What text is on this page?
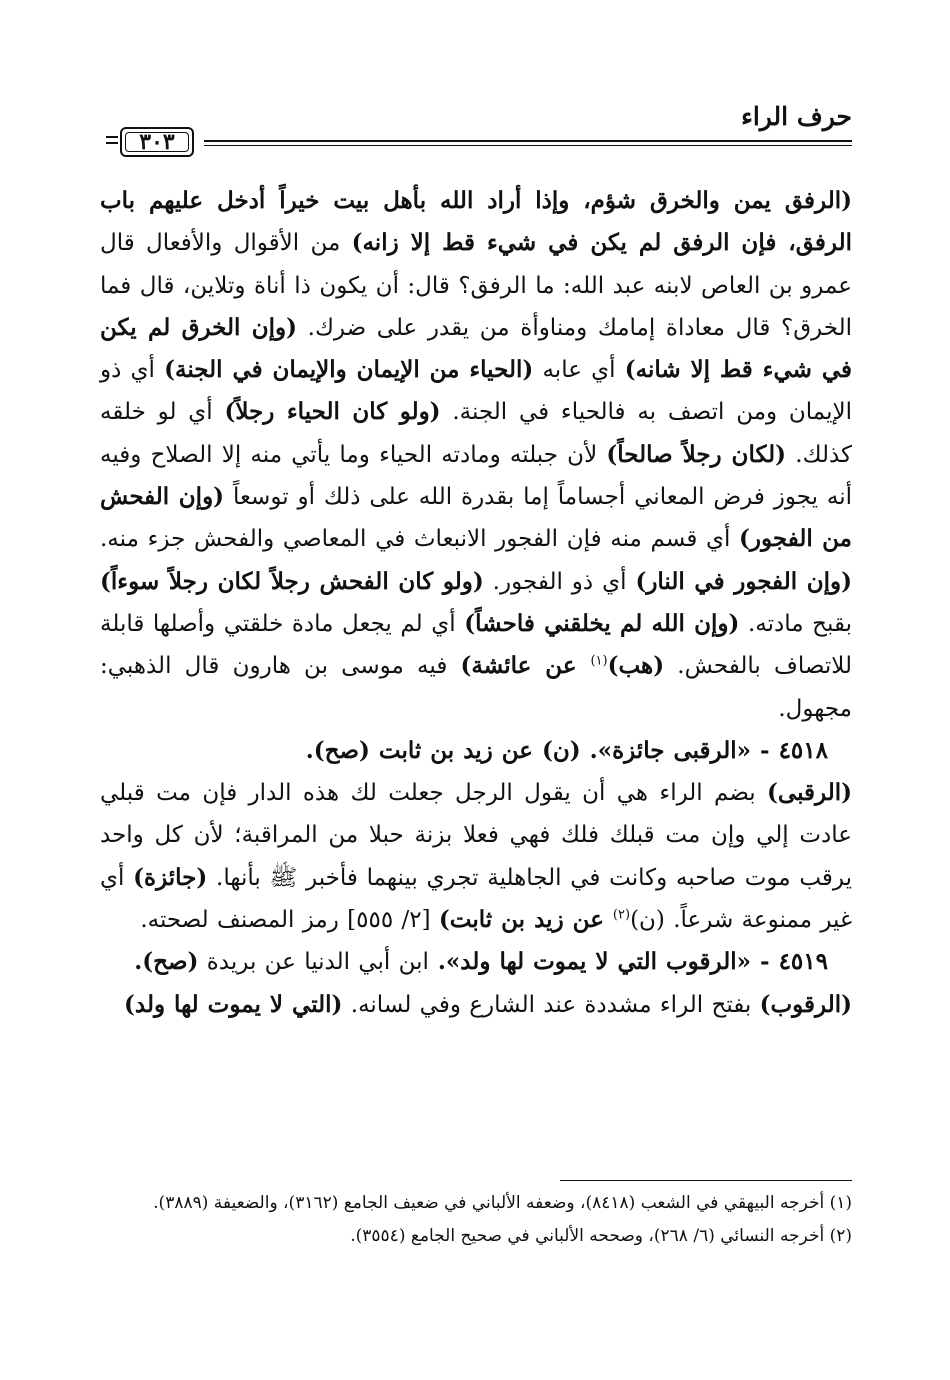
حرف الراء
٣٠٣

(الرفق يمن والخرق شؤم، وإذا أراد الله بأهل بيت خيراً أدخل عليهم باب الرفق، فإن الرفق لم يكن في شيء قط إلا زانه) من الأقوال والأفعال قال عمرو بن العاص لابنه عبد الله: ما الرفق؟ قال: أن يكون ذا أناة وتلاين، قال فما الخرق؟ قال معاداة إمامك ومناوأة من يقدر على ضرك. (وإن الخرق لم يكن في شيء قط إلا شانه) أي عابه (الحياء من الإيمان والإيمان في الجنة) أي ذو الإيمان ومن اتصف به فالحياء في الجنة. (ولو كان الحياء رجلاً) أي لو خلقه كذلك. (لكان رجلاً صالحاً) لأن جبلته ومادته الحياء وما يأتي منه إلا الصلاح وفيه أنه يجوز فرض المعاني أجساماً إما بقدرة الله على ذلك أو توسعاً (وإن الفحش من الفجور) أي قسم منه فإن الفجور الانبعاث في المعاصي والفحش جزء منه. (وإن الفجور في النار) أي ذو الفجور. (ولو كان الفحش رجلاً لكان رجلاً سوءاً) بقبح مادته. (وإن الله لم يخلقني فاحشاً) أي لم يجعل مادة خلقتي وأصلها قابلة للاتصاف بالفحش. (هب)$^{(١)}$ عن عائشة) فيه موسى بن هارون قال الذهبي: مجهول.

٤٥١٨ - «الرقبى جائزة». (ن) عن زيد بن ثابت (صح).

(الرقبى) بضم الراء هي أن يقول الرجل جعلت لك هذه الدار فإن مت قبلي عادت إلي وإن مت قبلك فلك فهي فعلا بزنة حبلا من المراقبة؛ لأن كل واحد يرقب موت صاحبه وكانت في الجاهلية تجري بينهما فأخبر ﷺ بأنها. (جائزة) أي غير ممنوعة شرعاً. (ن)$^{(٢)}$ عن زيد بن ثابت) [٢/ ٥٥٥] رمز المصنف لصحته.

٤٥١٩ - «الرقوب التي لا يموت لها ولد». ابن أبي الدنيا عن بريدة (صح).

(الرقوب) بفتح الراء مشددة عند الشارع وفي لسانه. (التي لا يموت لها ولد)

(١) أخرجه البيهقي في الشعب (٨٤١٨)، وضعفه الألباني في ضعيف الجامع (٣١٦٢)، والضعيفة (٣٨٨٩).

(٢) أخرجه النسائي (٦/ ٢٦٨)، وصححه الألباني في صحيح الجامع (٣٥٥٤).
